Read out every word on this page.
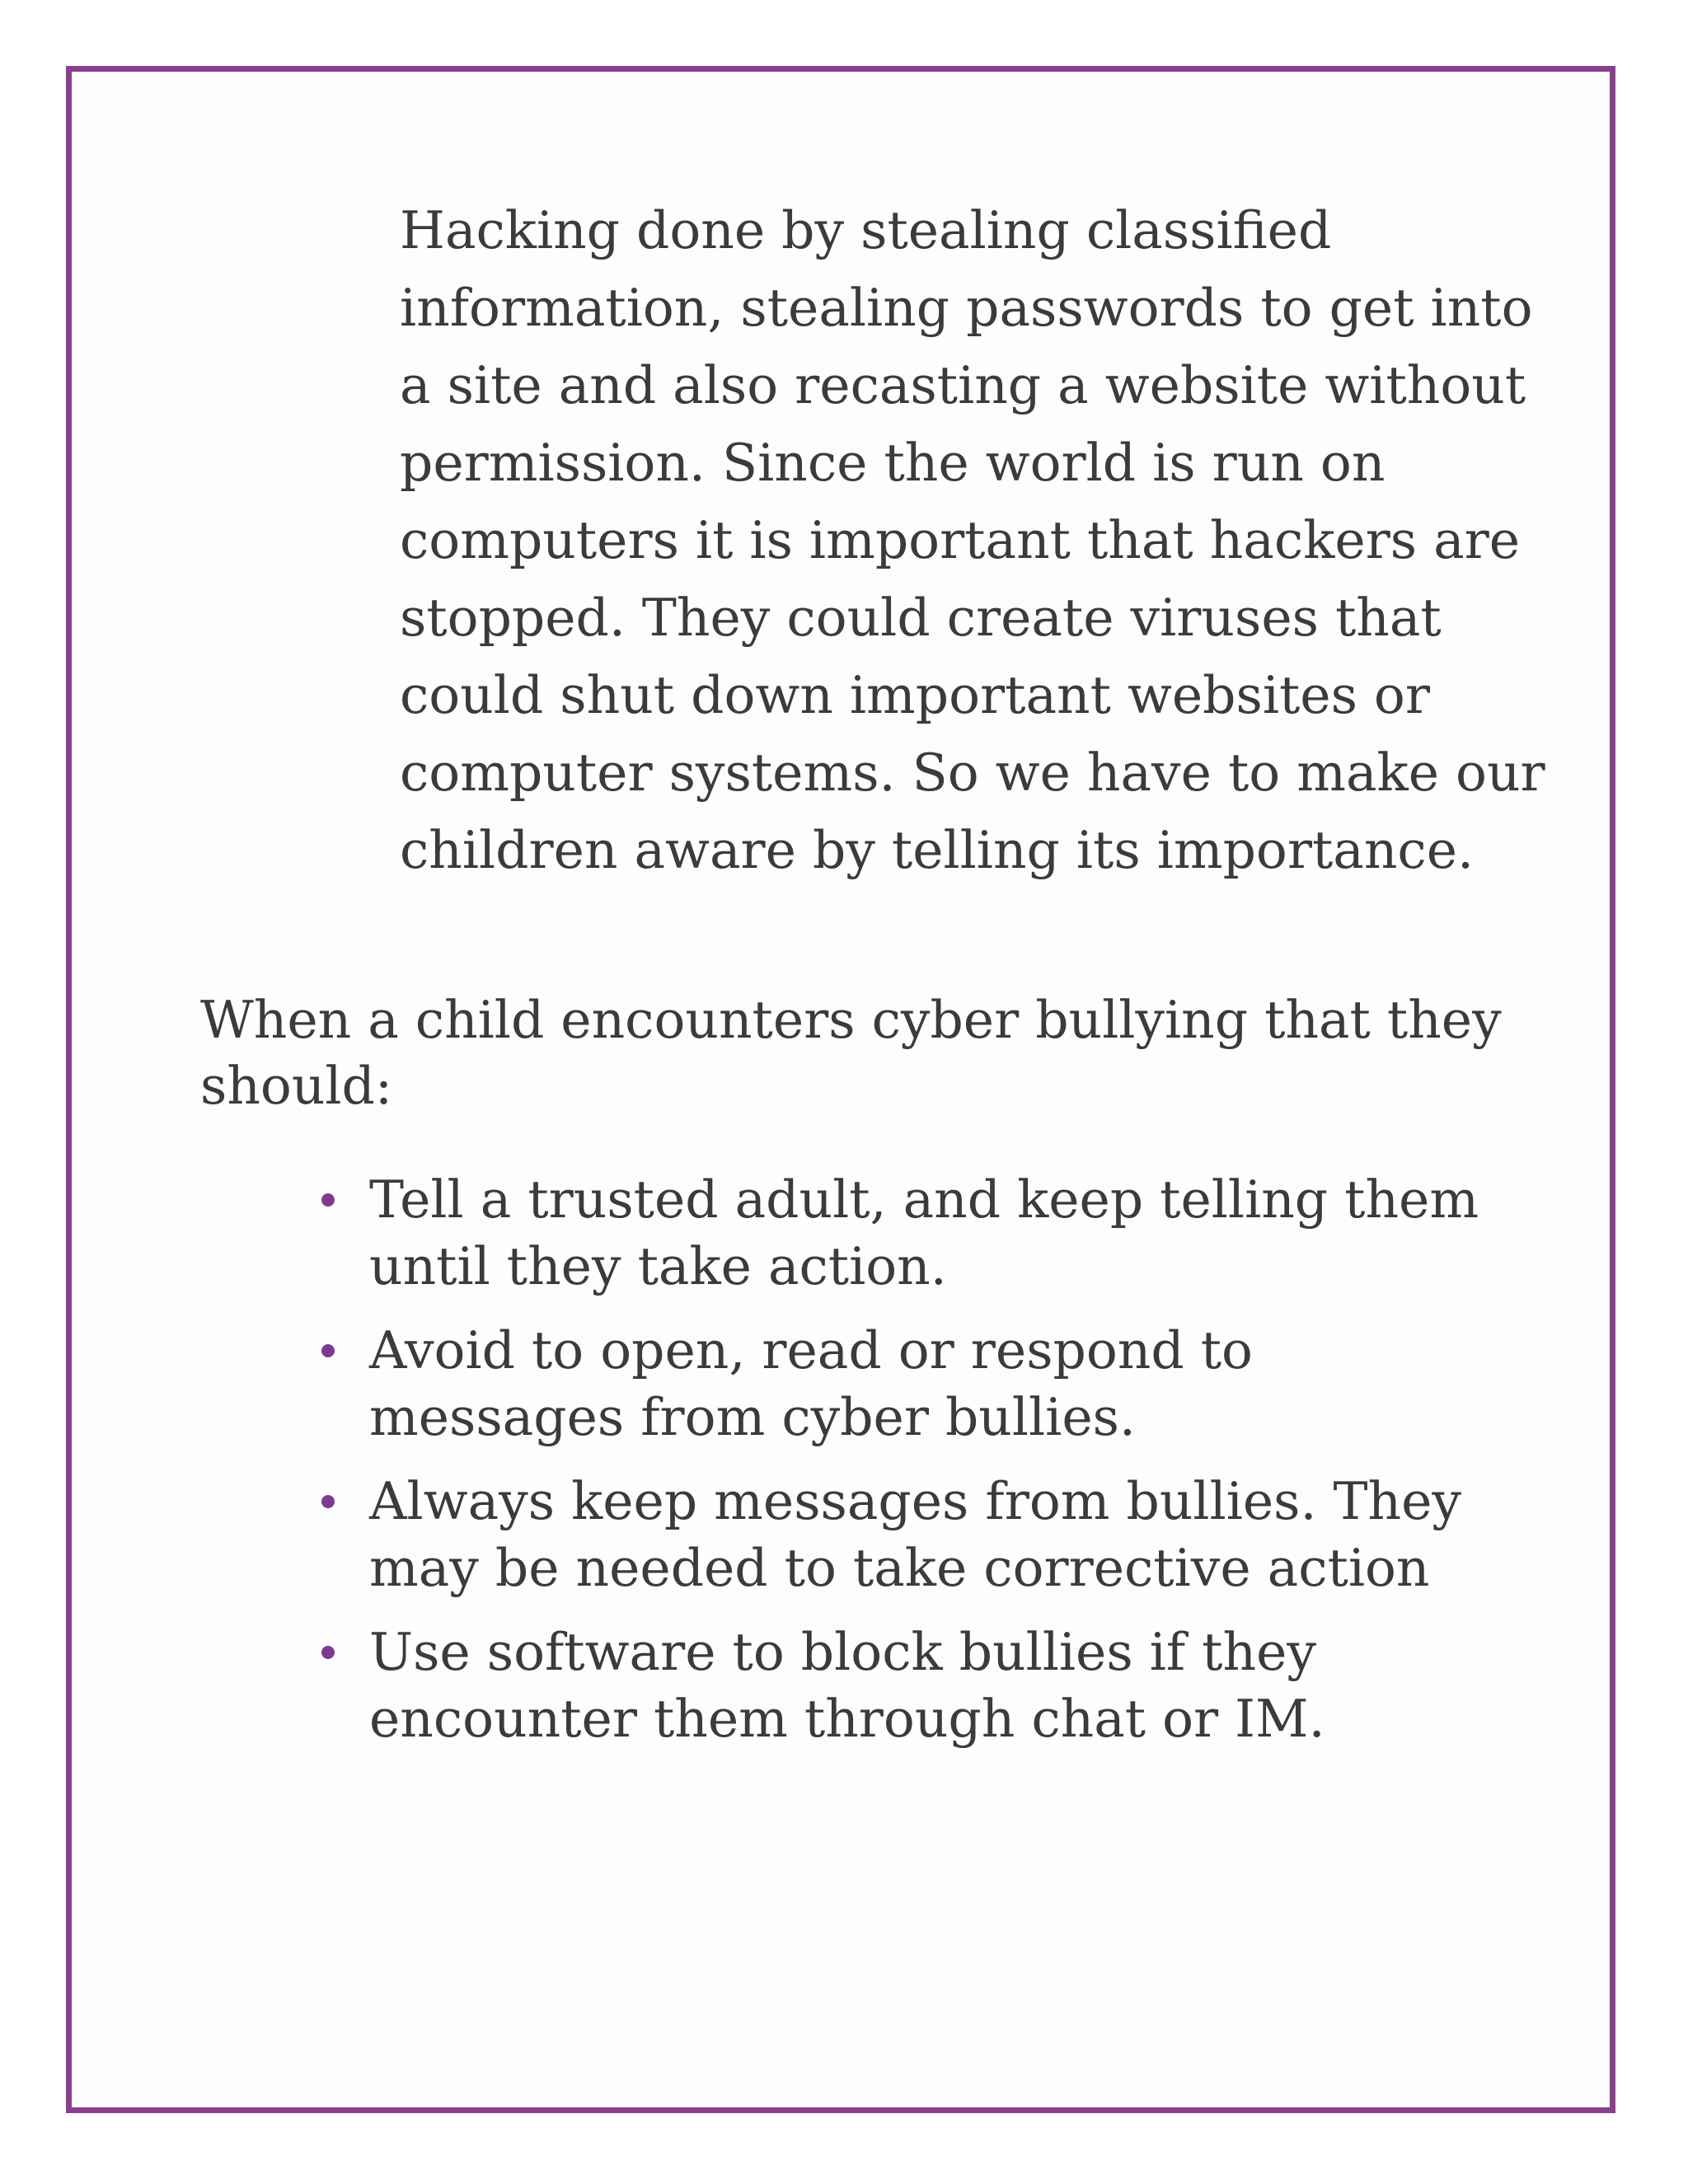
Hacking done by stealing classified information, stealing passwords to get into a site and also recasting a website without permission. Since the world is run on computers it is important that hackers are stopped. They could create viruses that could shut down important websites or computer systems. So we have to make our children aware by telling its importance.

When a child encounters cyber bullying that they should:

Tell a trusted adult, and keep telling them until they take action.
Avoid to open, read or respond to messages from cyber bullies.
Always keep messages from bullies. They may be needed to take corrective action
Use software to block bullies if they encounter them through chat or IM.
